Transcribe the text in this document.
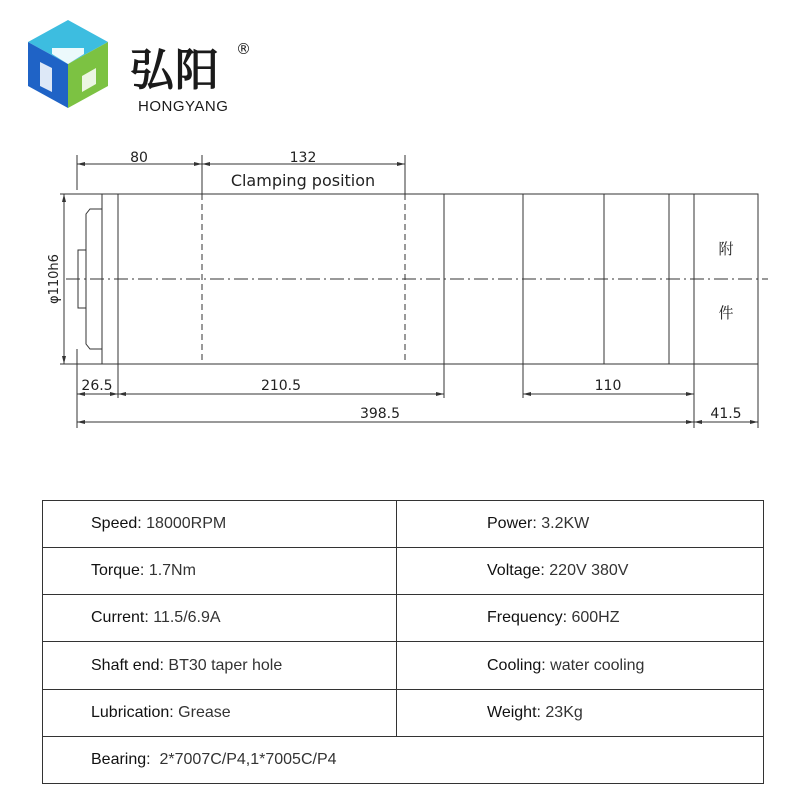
弘阳 ®
HONGYANG
80	132
Clamping position
φ110h6
26.5	210.5	110
398.5	41.5
附
件
Speed: 18000RPM	Power: 3.2KW
Torque: 1.7Nm	Voltage: 220V 380V
Current: 11.5/6.9A	Frequency: 600HZ
Shaft end: BT30 taper hole	Cooling: water cooling
Lubrication: Grease	Weight: 23Kg
Bearing:  2*7007C/P4,1*7005C/P4	
